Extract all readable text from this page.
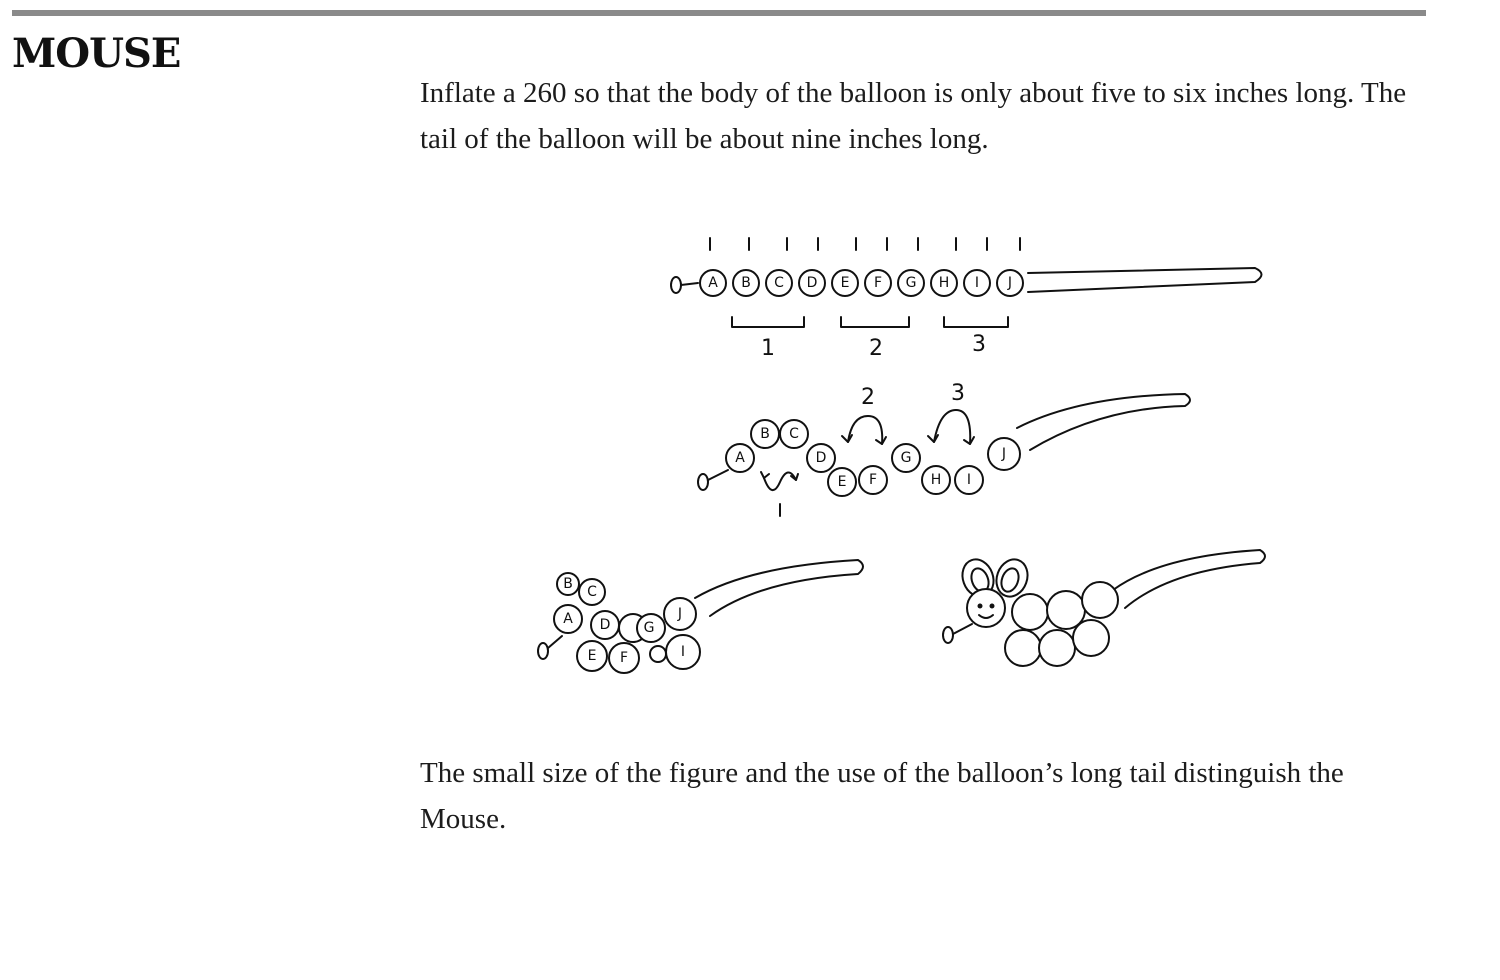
MOUSE
Inflate a 260 so that the body of the balloon is only about five to six inches long. The tail of the balloon will be about nine inches long.
A B C D E F G H I J
1	2	3
A
B C
D
E F
G
H I
J
2	3
B C
A D G
E F	I
J
The small size of the figure and the use of the balloon’s long tail distinguish the Mouse.
